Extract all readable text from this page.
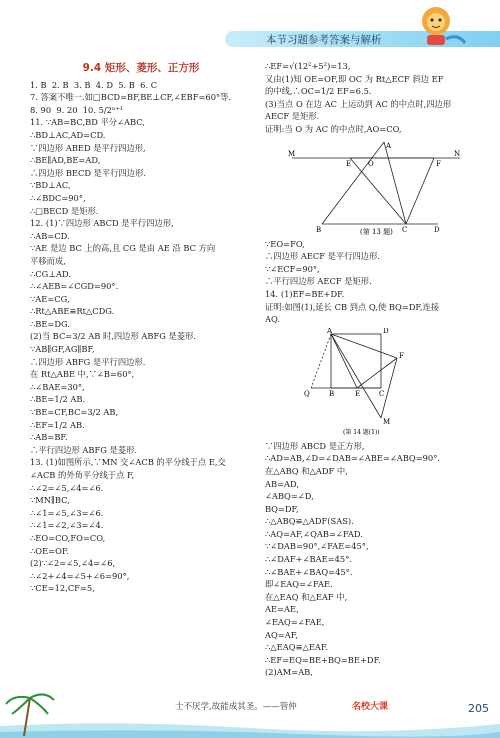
本节习题参考答案与解析
9.4 矩形、菱形、正方形
1. B  2. B  3. B  4. D  5. B  6. C
7. 答案不唯一.如□BCD=BF,BE⊥CF,∠EBF=60°等.
8. 90  9. 20  10. 5/2ⁿ⁺¹
11. ∵AB=BC,BD 平分∠ABC,
∴BD⊥AC,AD=CD.
∵四边形 ABED 是平行四边形,
∴BE∥AD,BE=AD,
∴四边形 BECD 是平行四边形.
∵BD⊥AC,
∴∠BDC=90°,
∴□BECD 是矩形.
12. (1)∵四边形 ABCD 是平行四边形,
∴AB=CD.
∵AE 是边 BC 上的高,且 CG 是由 AE 沿 BC 方向
平移而成,
∴CG⊥AD.
∴∠AEB=∠CGD=90°.
∵AE=CG,
∴Rt△ABE≌Rt△CDG.
∴BE=DG.
(2)当 BC=3/2 AB 时,四边形 ABFG 是菱形.
∵AB∥GF,AG∥BF,
∴四边形 ABFG 是平行四边形.
在 Rt△ABE 中,∵∠B=60°,
∴∠BAE=30°,
∴BE=1/2 AB.
∵BE=CF,BC=3/2 AB,
∴EF=1/2 AB.
∴AB=BF.
∴平行四边形 ABFG 是菱形.
13. (1)如图所示,∵MN 交∠ACB 的平分线于点 E,交
∠ACB 的外角平分线于点 F,
∴∠2=∠5,∠4=∠6.
∵MN∥BC,
∴∠1=∠5,∠3=∠6.
∴∠1=∠2,∠3=∠4.
∴EO=CO,FO=CO,
∴OE=OF.
(2)∵∠2=∠5,∠4=∠6,
∴∠2+∠4=∠5+∠6=90°,
∵CE=12,CF=5,
∴EF=√(12²+5²)=13,
又由(1)知 OE=OF,即 OC 为 Rt△ECF 斜边 EF
的中线,∴OC=1/2 EF=6.5.
(3)当点 O 在边 AC 上运动到 AC 的中点时,四边形
AECF 是矩形.
证明:当 O 为 AC 的中点时,AO=CO,
M	N
A
E O	F
B	C	D
(第 13 题)
∵EO=FO,
∴四边形 AECF 是平行四边形.
∵∠ECF=90°,
∴平行四边形 AECF 是矩形.
14. (1)EF=BE+DF.
证明:如图(1),延长 CB 到点 Q,使 BQ=DF,连接
AQ.
A	D
F
Q	B	E	C
M
(第 14 题(1))
∵四边形 ABCD 是正方形,
∴AD=AB,∠D=∠DAB=∠ABE=∠ABQ=90°.
在△ABQ 和△ADF 中,
AB=AD,
∠ABQ=∠D,
BQ=DF,
∴△ABQ≌△ADF(SAS).
∴AQ=AF,∠QAB=∠FAD.
∵∠DAB=90°,∠FAE=45°,
∴∠DAF+∠BAE=45°.
∴∠BAE+∠BAQ=45°.
即∠EAQ=∠FAE.
在△EAQ 和△EAF 中,
AE=AE,
∠EAQ=∠FAE,
AQ=AF,
∴△EAQ≌△EAF.
∴EF=EQ=BE+BQ=BE+DF.
(2)AM=AB,
士不厌学,故能成其圣。——管仲	名校大课	205
